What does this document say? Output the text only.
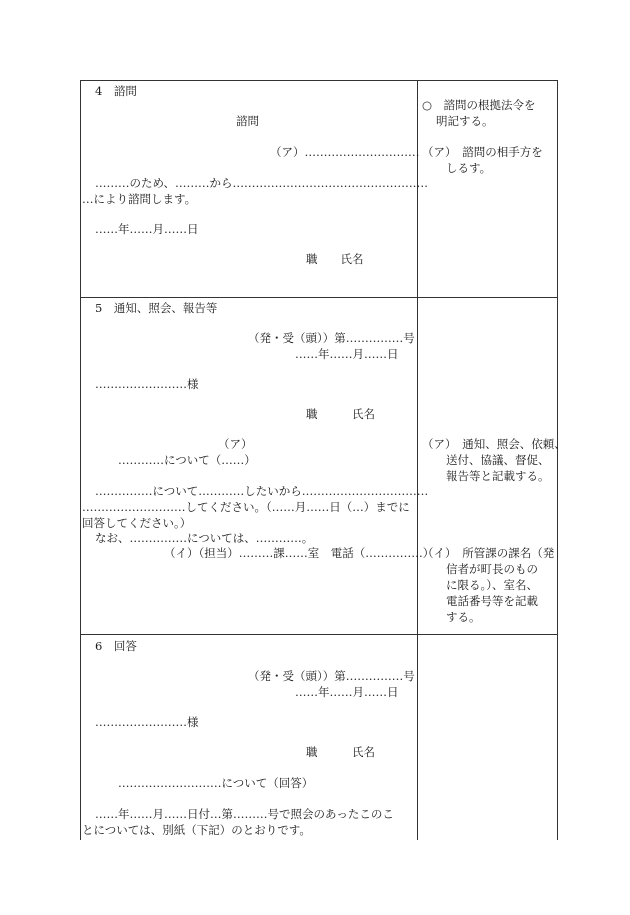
4　諮問
諮問
（ア）…………………………
………のため、………から……………………………………………
…により諮問します。
……年……月……日
職　　氏名
○　諮問の根拠法令を
明記する。
（ア）　諮問の相手方を
しるす。
5　通知、照会、報告等
（発・受（頭））第……………号
……年……月……日
……………………様
職　　　氏名
（ア）
…………について（……）
……………について…………したいから……………………………
………………………してください。（……月……日（…）までに
回答してください。）
なお、……………については、…………。
（イ）（担当）………課……室　電話（……………）
（ア）　通知、照会、依頼、
送付、協議、督促、
報告等と記載する。
（イ）　所管課の課名（発
信者が町長のもの
に限る。）、室名、
電話番号等を記載
する。
6　回答
（発・受（頭））第……………号
……年……月……日
……………………様
職　　　氏名
………………………について（回答）
……年……月……日付…第………号で照会のあったこのこ
とについては、別紙（下記）のとおりです。
